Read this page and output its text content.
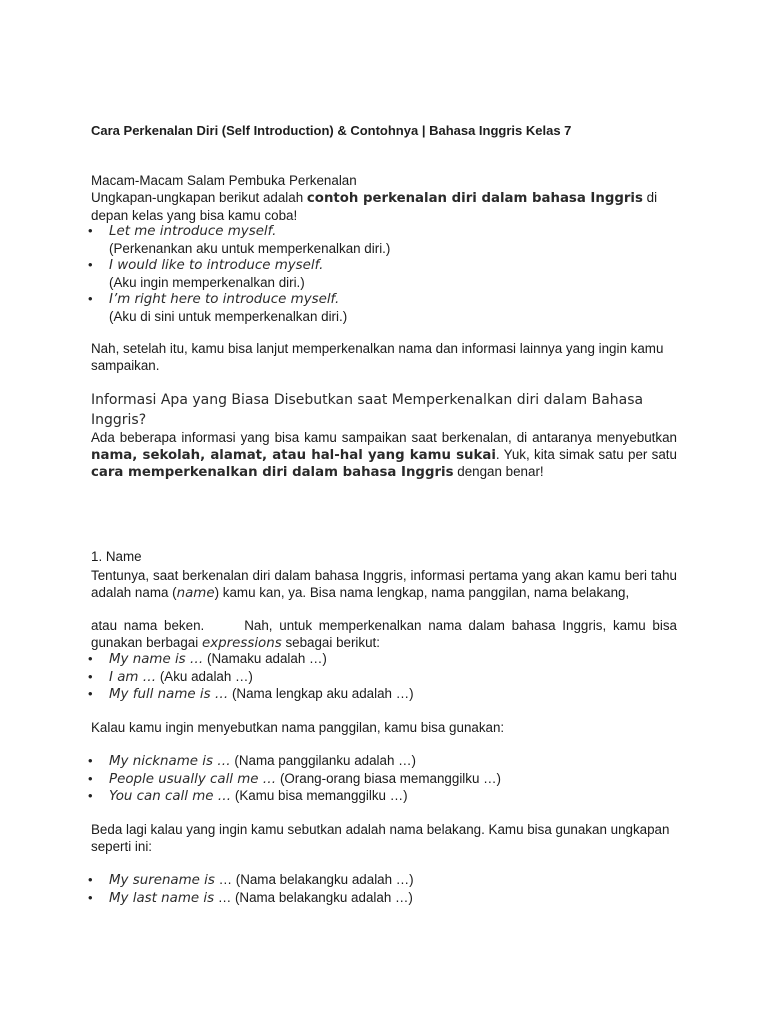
Cara Perkenalan Diri (Self Introduction) & Contohnya | Bahasa Inggris Kelas 7

Macam-Macam Salam Pembuka Perkenalan

Ungkapan-ungkapan berikut adalah contoh perkenalan diri dalam bahasa Inggris di depan kelas yang bisa kamu coba!

• Let me introduce myself.
(Perkenankan aku untuk memperkenalkan diri.)
• I would like to introduce myself.
(Aku ingin memperkenalkan diri.)
• I’m right here to introduce myself.
(Aku di sini untuk memperkenalkan diri.)

Nah, setelah itu, kamu bisa lanjut memperkenalkan nama dan informasi lainnya yang ingin kamu sampaikan.

Informasi Apa yang Biasa Disebutkan saat Memperkenalkan diri dalam Bahasa Inggris?

Ada beberapa informasi yang bisa kamu sampaikan saat berkenalan, di antaranya menyebutkan nama, sekolah, alamat, atau hal-hal yang kamu sukai. Yuk, kita simak satu per satu cara memperkenalkan diri dalam bahasa Inggris dengan benar!

1. Name

Tentunya, saat berkenalan diri dalam bahasa Inggris, informasi pertama yang akan kamu beri tahu adalah nama (name) kamu kan, ya. Bisa nama lengkap, nama panggilan, nama belakang,

atau nama beken.	Nah, untuk memperkenalkan nama dalam bahasa Inggris, kamu bisa gunakan berbagai expressions sebagai berikut:

• My name is … (Namaku adalah …)
• I am … (Aku adalah …)
• My full name is … (Nama lengkap aku adalah …)

Kalau kamu ingin menyebutkan nama panggilan, kamu bisa gunakan:

• My nickname is … (Nama panggilanku adalah …)
• People usually call me … (Orang-orang biasa memanggilku …)
• You can call me … (Kamu bisa memanggilku …)

Beda lagi kalau yang ingin kamu sebutkan adalah nama belakang. Kamu bisa gunakan ungkapan seperti ini:

• My surename is … (Nama belakangku adalah …)
• My last name is … (Nama belakangku adalah …)
